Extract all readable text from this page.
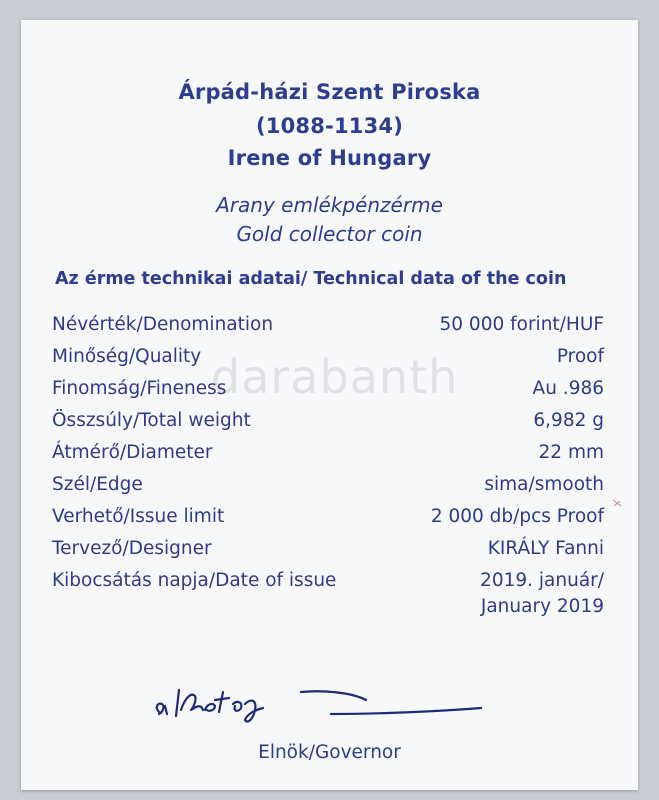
Árpád-házi Szent Piroska
(1088-1134)
Irene of Hungary
Arany emlékpénzérme
Gold collector coin
Az érme technikai adatai/ Technical data of the coin
darabanth
Névérték/Denomination	50 000 forint/HUF
Minőség/Quality	Proof
Finomság/Fineness	Au .986
Összsúly/Total weight	6,982 g
Átmérő/Diameter	22 mm
Szél/Edge	sima/smooth
Verhető/Issue limit	2 000 db/pcs Proof
Tervező/Designer	KIRÁLY Fanni
Kibocsátás napja/Date of issue	2019. január/
January 2019
Elnök/Governor
